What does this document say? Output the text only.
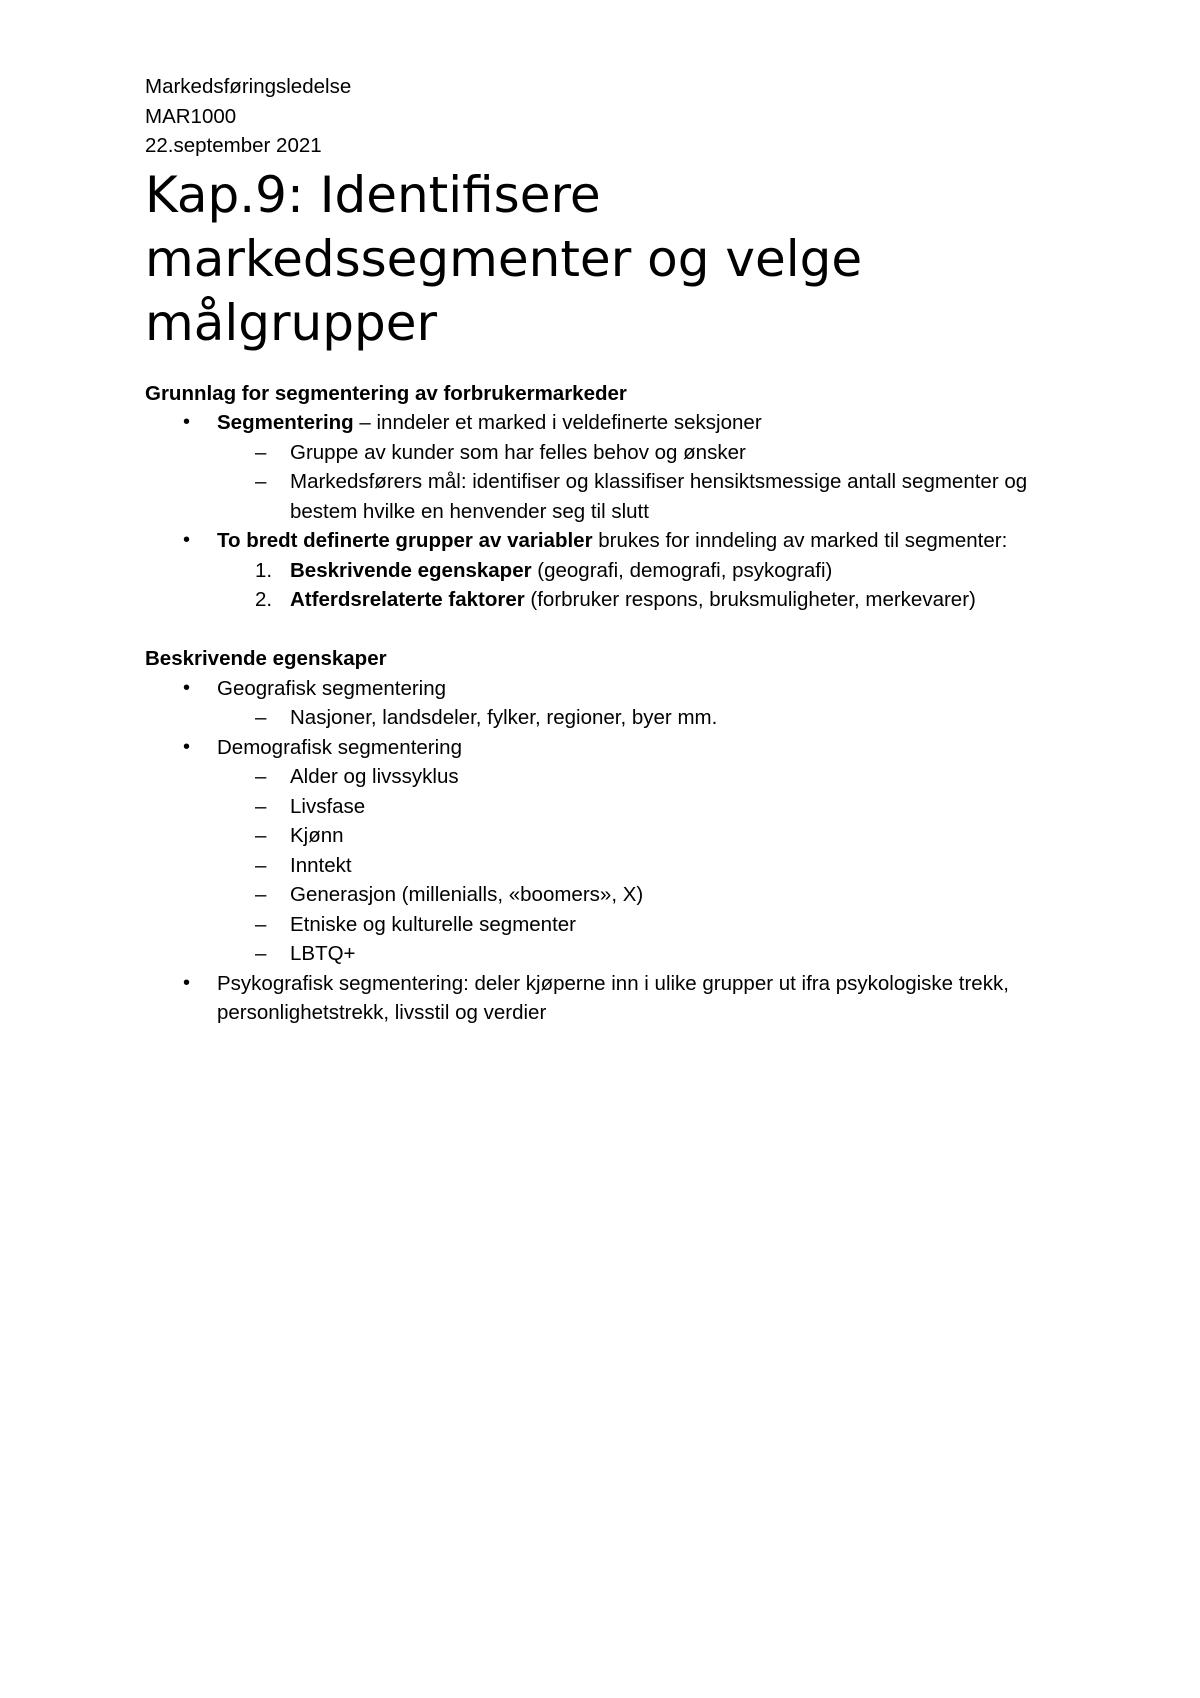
Markedsføringsledelse
MAR1000
22.september 2021
Kap.9: Identifisere markedssegmenter og velge målgrupper
Grunnlag for segmentering av forbrukermarkeder
•	Segmentering – inndeler et marked i veldefinerte seksjoner
– Gruppe av kunder som har felles behov og ønsker
– Markedsførers mål: identifiser og klassifiser hensiktsmessige antall segmenter og bestem hvilke en henvender seg til slutt
•	To bredt definerte grupper av variabler brukes for inndeling av marked til segmenter:
1. Beskrivende egenskaper (geografi, demografi, psykografi)
2. Atferdsrelaterte faktorer (forbruker respons, bruksmuligheter, merkevarer)
Beskrivende egenskaper
•	Geografisk segmentering
– Nasjoner, landsdeler, fylker, regioner, byer mm.
•	Demografisk segmentering
– Alder og livssyklus
– Livsfase
– Kjønn
– Inntekt
– Generasjon (millenialls, «boomers», X)
– Etniske og kulturelle segmenter
– LBTQ+
•	Psykografisk segmentering: deler kjøperne inn i ulike grupper ut ifra psykologiske trekk, personlighetstrekk, livsstil og verdier
